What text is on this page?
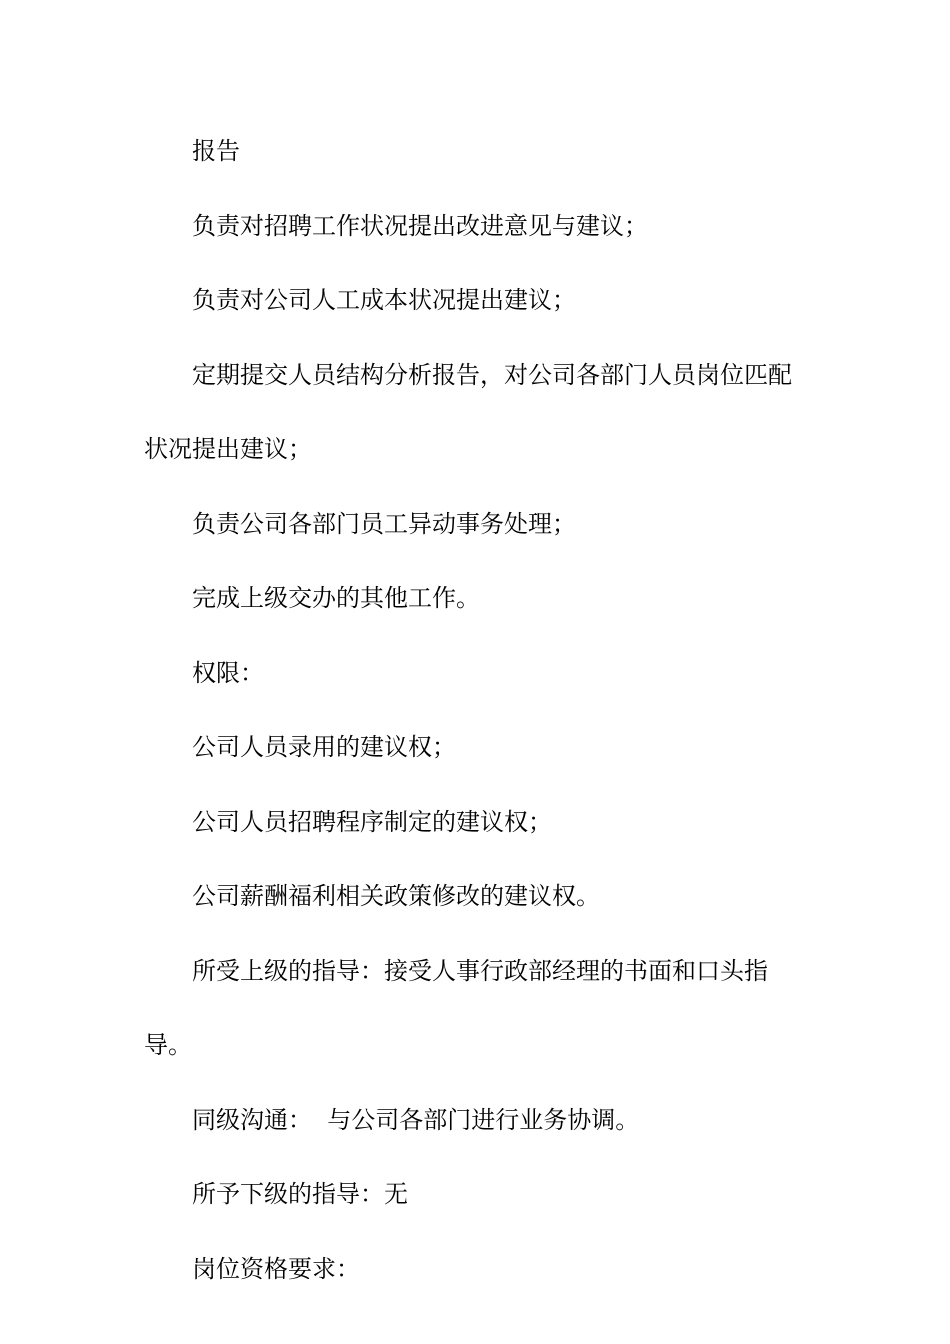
报告

负责对招聘工作状况提出改进意见与建议；

负责对公司人工成本状况提出建议；

定期提交人员结构分析报告，对公司各部门人员岗位匹配状况提出建议；

负责公司各部门员工异动事务处理；

完成上级交办的其他工作。

权限：

公司人员录用的建议权；

公司人员招聘程序制定的建议权；

公司薪酬福利相关政策修改的建议权。

所受上级的指导：接受人事行政部经理的书面和口头指导。

同级沟通：  与公司各部门进行业务协调。

所予下级的指导：无

岗位资格要求：
